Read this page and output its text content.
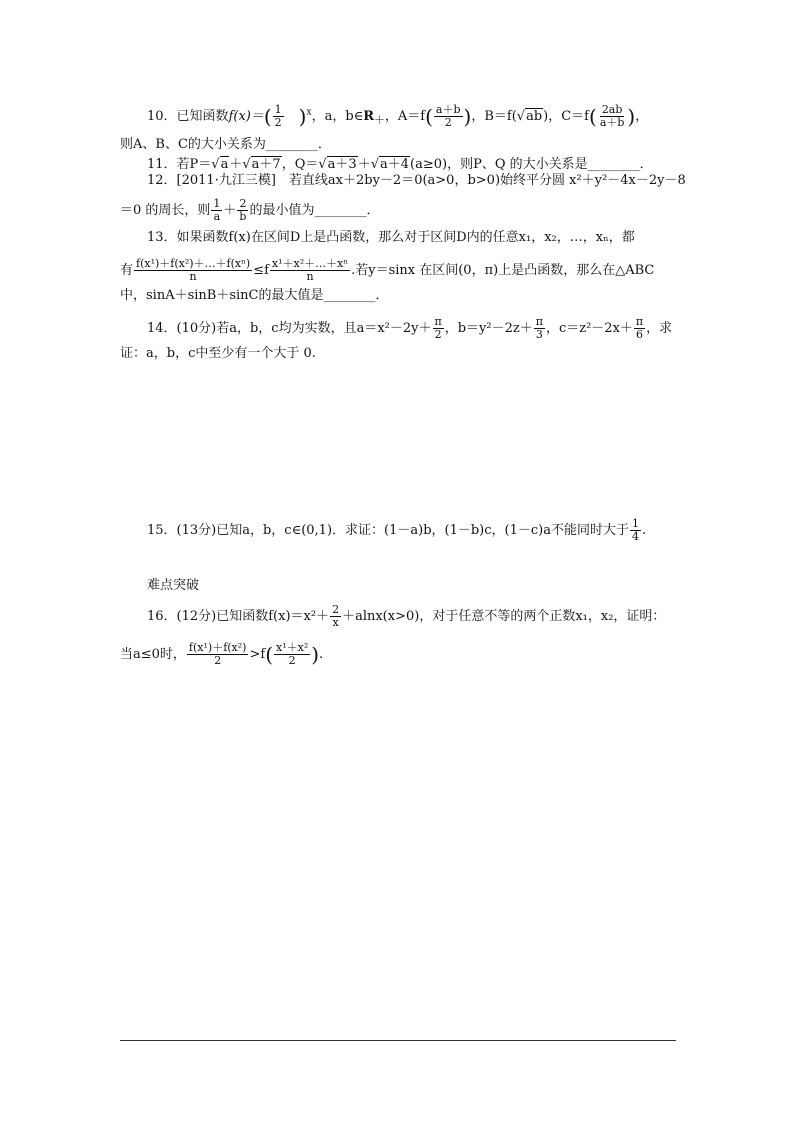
10．已知函数$f(x)=( \frac{1}{2} )^x$，a，$b\in R_+$，$A=f( \frac{a+b}{2}$ )，B＝f(√ab)，$C=f( \frac{2ab}{a+b}$ )，
则A、B、C的大小关系为________．
11．若P＝√a＋√a＋7，Q＝√a＋3＋√a＋4(a≥0)，则P、Q 的大小关系是________．
12．[2011·九江三模]　若直线ax＋2by－2＝0(a>0，b>0)始终平分圆 x²＋y²－4x－2y－8
＝0 的周长，则 $\frac{1}{a} + \frac{2}{b}$ 的最小值为________．
13．如果函数f(x)在区间D上是凸函数，那么对于区间D内的任意x₁，x₂，…，xₙ，都
有 $\frac{\text{f(x¹)＋f(x²)＋…＋f(xⁿ)}}{n} \le f \frac{\text{x¹＋x²＋…＋xⁿ}}{n}$ .若y＝sinx 在区间(0，π)上是凸函数，那么在△ABC
中，sinA＋sinB＋sinC的最大值是________．
14．(10分)若a，b，c均为实数，且$a=x^2-2y+ \frac{\pi}{2}$ ，$b=y^2-2z+ \frac{\pi}{3}$ ，$c=z^2-2x+ \frac{\pi}{6}$ ，求
证：a，b，c中至少有一个大于 0.
15．(13分)已知a，b，c∈(0,1)．求证：(1－a)b，(1－b)c，(1－c)a不能同时大于 $\frac{1}{4}$ .
难点突破
16．(12分)已知函数$f(x)=x^2+ \frac{2}{x} +alnx(x>0)$，对于任意不等的两个正数x₁，x₂，证明：
当a≤0时， $\frac{\text{f(x¹)＋f(x²)}}{2} >f( \frac{\text{x¹＋x²}}{2}$ ).
